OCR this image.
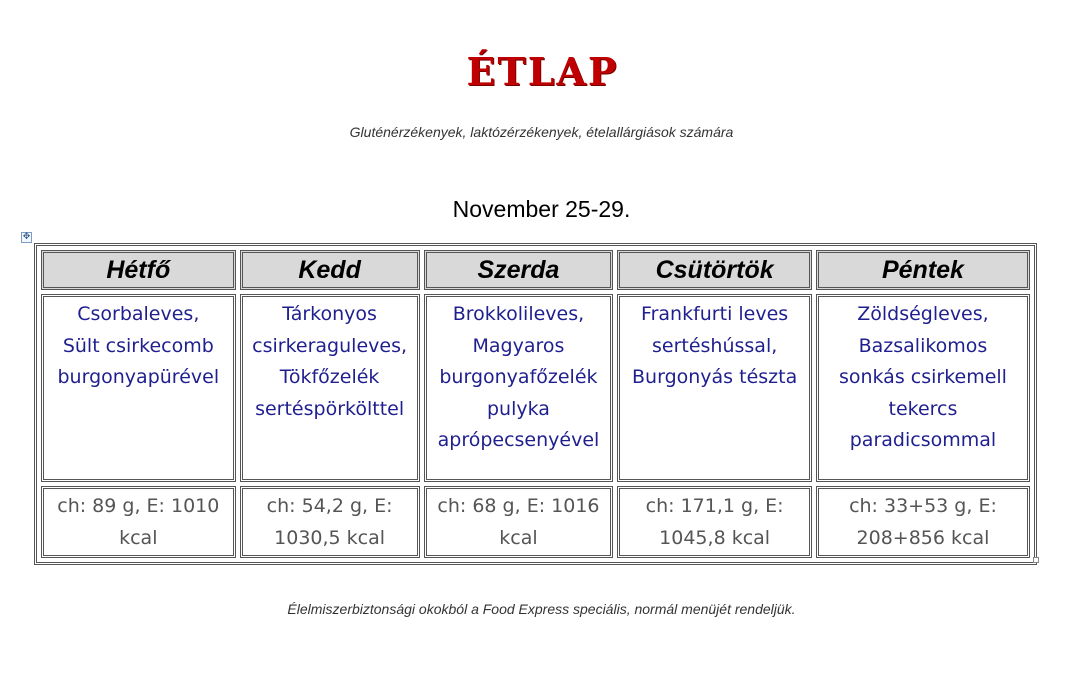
ÉTLAP
Gluténérzékenyek, laktózérzékenyek, ételallárgiások számára
November 25-29.
✥
Hétfő	Kedd	Szerda	Csütörtök	Péntek

Csorbaleves,
Sült csirkecomb
burgonyapürével	Tárkonyos
csirkeraguleves,
Tökfőzelék
sertéspörkölttel	Brokkolileves,
Magyaros
burgonyafőzelék
pulyka
aprópecsenyével	Frankfurti leves
sertéshússal,
Burgonyás tészta	Zöldségleves,
Bazsalikomos
sonkás csirkemell
tekercs
paradicsommal

ch: 89 g, E: 1010
kcal	ch: 54,2 g, E:
1030,5 kcal	ch: 68 g, E: 1016
kcal	ch: 171,1 g, E:
1045,8 kcal	ch: 33+53 g, E:
208+856 kcal
Élelmiszerbiztonsági okokból a Food Express speciális, normál menüjét rendeljük.
